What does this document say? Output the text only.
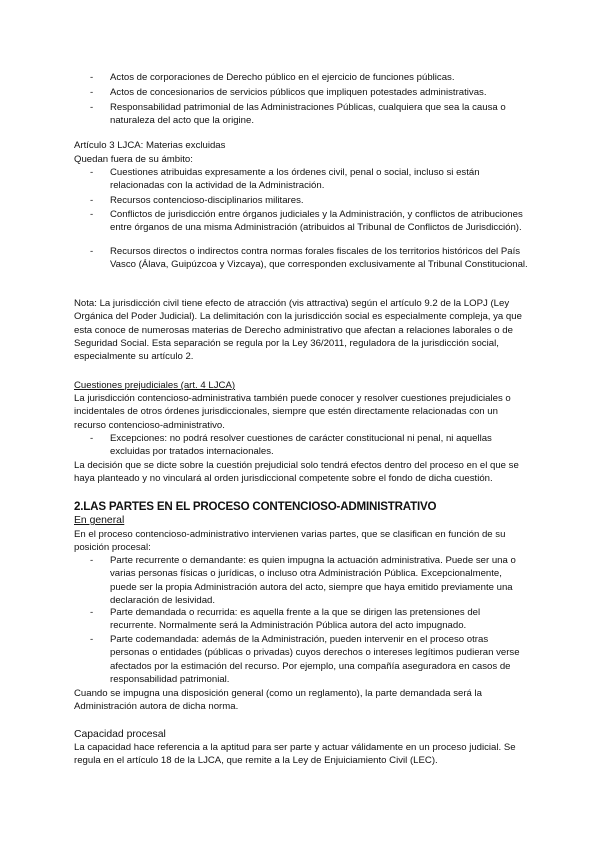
- Actos de corporaciones de Derecho público en el ejercicio de funciones públicas.
- Actos de concesionarios de servicios públicos que impliquen potestades administrativas.
- Responsabilidad patrimonial de las Administraciones Públicas, cualquiera que sea la causa o naturaleza del acto que la origine.
Artículo 3 LJCA: Materias excluidas
Quedan fuera de su ámbito:
- Cuestiones atribuidas expresamente a los órdenes civil, penal o social, incluso si están relacionadas con la actividad de la Administración.
- Recursos contencioso-disciplinarios militares.
- Conflictos de jurisdicción entre órganos judiciales y la Administración, y conflictos de atribuciones entre órganos de una misma Administración (atribuidos al Tribunal de Conflictos de Jurisdicción).
- Recursos directos o indirectos contra normas forales fiscales de los territorios históricos del País Vasco (Álava, Guipúzcoa y Vizcaya), que corresponden exclusivamente al Tribunal Constitucional.
Nota: La jurisdicción civil tiene efecto de atracción (vis attractiva) según el artículo 9.2 de la LOPJ (Ley Orgánica del Poder Judicial). La delimitación con la jurisdicción social es especialmente compleja, ya que esta conoce de numerosas materias de Derecho administrativo que afectan a relaciones laborales o de Seguridad Social. Esta separación se regula por la Ley 36/2011, reguladora de la jurisdicción social, especialmente su artículo 2.
Cuestiones prejudiciales (art. 4 LJCA)
La jurisdicción contencioso-administrativa también puede conocer y resolver cuestiones prejudiciales o incidentales de otros órdenes jurisdiccionales, siempre que estén directamente relacionadas con un recurso contencioso-administrativo.
- Excepciones: no podrá resolver cuestiones de carácter constitucional ni penal, ni aquellas excluidas por tratados internacionales.
La decisión que se dicte sobre la cuestión prejudicial solo tendrá efectos dentro del proceso en el que se haya planteado y no vinculará al orden jurisdiccional competente sobre el fondo de dicha cuestión.
2.LAS PARTES EN EL PROCESO CONTENCIOSO-ADMINISTRATIVO
En general
En el proceso contencioso-administrativo intervienen varias partes, que se clasifican en función de su posición procesal:
- Parte recurrente o demandante: es quien impugna la actuación administrativa. Puede ser una o varias personas físicas o jurídicas, o incluso otra Administración Pública. Excepcionalmente, puede ser la propia Administración autora del acto, siempre que haya emitido previamente una declaración de lesividad.
- Parte demandada o recurrida: es aquella frente a la que se dirigen las pretensiones del recurrente. Normalmente será la Administración Pública autora del acto impugnado.
- Parte codemandada: además de la Administración, pueden intervenir en el proceso otras personas o entidades (públicas o privadas) cuyos derechos o intereses legítimos pudieran verse afectados por la estimación del recurso. Por ejemplo, una compañía aseguradora en casos de responsabilidad patrimonial.
Cuando se impugna una disposición general (como un reglamento), la parte demandada será la Administración autora de dicha norma.
Capacidad procesal
La capacidad hace referencia a la aptitud para ser parte y actuar válidamente en un proceso judicial. Se regula en el artículo 18 de la LJCA, que remite a la Ley de Enjuiciamiento Civil (LEC).
